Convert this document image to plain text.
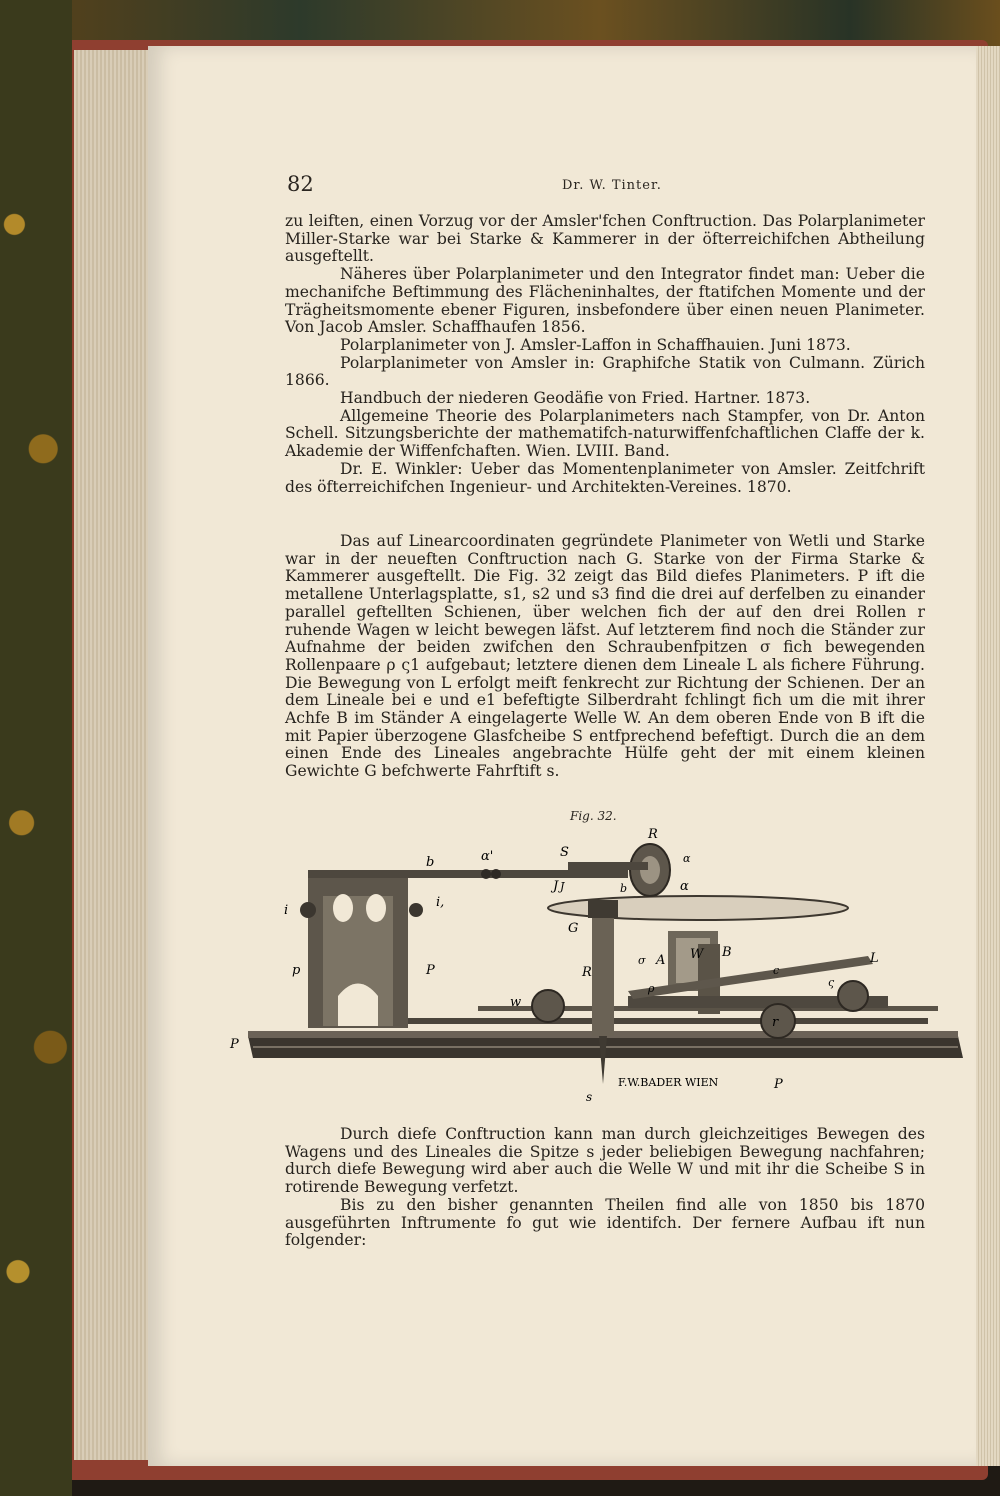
82	Dr. W. Tinter.

zu leiften, einen Vorzug vor der Amsler'fchen Conftruction. Das Polarplanimeter Miller-Starke war bei Starke & Kammerer in der öfterreichifchen Abtheilung ausgeftellt.

Näheres über Polarplanimeter und den Integrator findet man: Ueber die mechanifche Beftimmung des Flächeninhaltes, der ftatifchen Momente und der Trägheitsmomente ebener Figuren, insbefondere über einen neuen Planimeter. Von Jacob Amsler. Schaffhaufen 1856.

Polarplanimeter von J. Amsler-Laffon in Schaffhauien. Juni 1873.

Polarplanimeter von Amsler in: Graphifche Statik von Culmann. Zürich 1866.

Handbuch der niederen Geodäfie von Fried. Hartner. 1873.

Allgemeine Theorie des Polarplanimeters nach Stampfer, von Dr. Anton Schell. Sitzungsberichte der mathematifch-naturwiffenfchaftlichen Claffe der k. Akademie der Wiffenfchaften. Wien. LVIII. Band.

Dr. E. Winkler: Ueber das Momentenplanimeter von Amsler. Zeitfchrift des öfterreichifchen Ingenieur- und Architekten-Vereines. 1870.

Das auf Linearcoordinaten gegründete Planimeter von Wetli und Starke war in der neueften Conftruction nach G. Starke von der Firma Starke & Kammerer ausgeftellt. Die Fig. 32 zeigt das Bild diefes Planimeters. P ift die metallene Unterlagsplatte, s1, s2 und s3 find die drei auf derfelben zu einander parallel geftellten Schienen, über welchen fich der auf den drei Rollen r ruhende Wagen w leicht bewegen läfst. Auf letzterem find noch die Ständer zur Aufnahme der beiden zwifchen den Schraubenfpitzen σ fich bewegenden Rollenpaare ρ ς1 aufgebaut; letztere dienen dem Lineale L als fichere Führung. Die Bewegung von L erfolgt meift fenkrecht zur Richtung der Schienen. Der an dem Lineale bei e und e1 befeftigte Silberdraht fchlingt fich um die mit ihrer Achfe B im Ständer A eingelagerte Welle W. An dem oberen Ende von B ift die mit Papier überzogene Glasfcheibe S entfprechend befeftigt. Durch die an dem einen Ende des Lineales angebrachte Hülfe geht der mit einem kleinen Gewichte G befchwerte Fahrftift s.

Fig. 32.
R
S
J
b
α
α'
i
i,
p
G
A W B	L
R
w
r
P
P
s
J	b
α
ρ	ς
σ
c
P
F.W.BADER WIEN

Durch diefe Conftruction kann man durch gleichzeitiges Bewegen des Wagens und des Lineales die Spitze s jeder beliebigen Bewegung nachfahren; durch diefe Bewegung wird aber auch die Welle W und mit ihr die Scheibe S in rotirende Bewegung verfetzt.

Bis zu den bisher genannten Theilen find alle von 1850 bis 1870 ausgeführten Inftrumente fo gut wie identifch. Der fernere Aufbau ift nun folgender:
